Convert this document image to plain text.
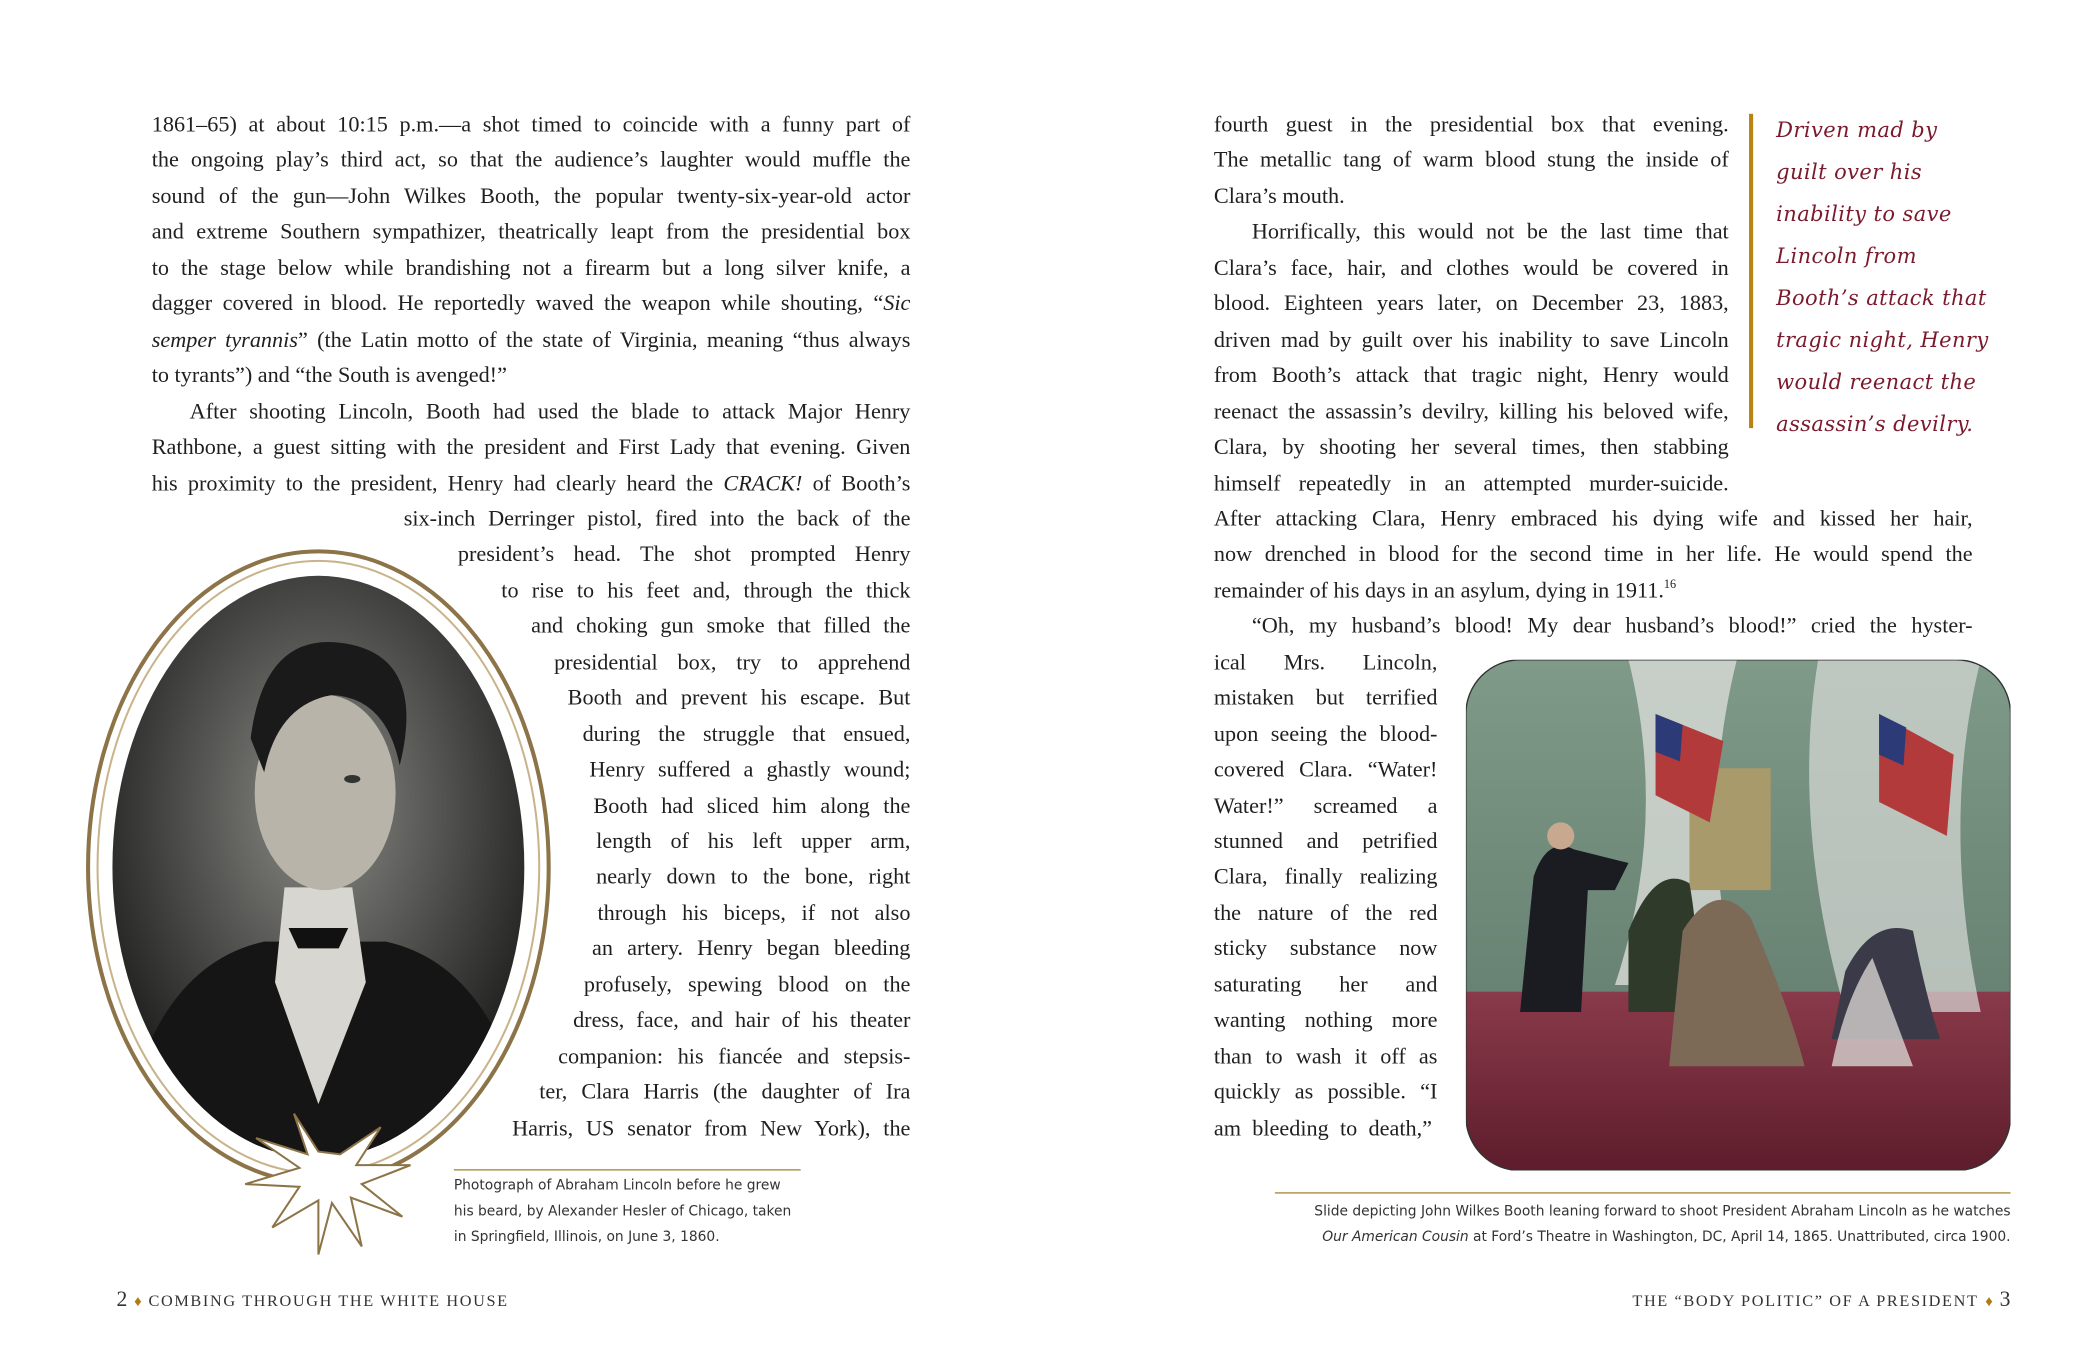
1861–65) at about 10:15 p.m.—a shot timed to coincide with a funny part of
the ongoing play’s third act, so that the audience’s laughter would muffle the
sound of the gun—John Wilkes Booth, the popular twenty-six-year-old actor
and extreme Southern sympathizer, theatrically leapt from the presidential box
to the stage below while brandishing not a firearm but a long silver knife, a
dagger covered in blood. He reportedly waved the weapon while shouting, “Sic
semper tyrannis” (the Latin motto of the state of Virginia, meaning “thus always
to tyrants”) and “the South is avenged!”
After shooting Lincoln, Booth had used the blade to attack Major Henry
Rathbone, a guest sitting with the president and First Lady that evening. Given
his proximity to the president, Henry had clearly heard the CRACK! of Booth’s
six-inch Derringer pistol, fired into the back of the
president’s head. The shot prompted Henry
to rise to his feet and, through the thick
and choking gun smoke that filled the
presidential box, try to apprehend
Booth and prevent his escape. But
during the struggle that ensued,
Henry suffered a ghastly wound;
Booth had sliced him along the
length of his left upper arm,
nearly down to the bone, right
through his biceps, if not also
an artery. Henry began bleeding
profusely, spewing blood on the
dress, face, and hair of his theater
companion: his fiancée and stepsis-
ter, Clara Harris (the daughter of Ira
Harris, US senator from New York), the
fourth guest in the presidential box that evening.
The metallic tang of warm blood stung the inside of
Clara’s mouth.
Horrifically, this would not be the last time that
Clara’s face, hair, and clothes would be covered in
blood. Eighteen years later, on December 23, 1883,
driven mad by guilt over his inability to save Lincoln
from Booth’s attack that tragic night, Henry would
reenact the assassin’s devilry, killing his beloved wife,
Clara, by shooting her several times, then stabbing
himself repeatedly in an attempted murder-suicide.
After attacking Clara, Henry embraced his dying wife and kissed her hair,
now drenched in blood for the second time in her life. He would spend the
remainder of his days in an asylum, dying in 1911.16
“Oh, my husband’s blood! My dear husband’s blood!” cried the hyster-
ical Mrs. Lincoln,
mistaken but terrified
upon seeing the blood-
covered Clara. “Water!
Water!” screamed a
stunned and petrified
Clara, finally realizing
the nature of the red
sticky substance now
saturating her and
wanting nothing more
than to wash it off as
quickly as possible. “I
am bleeding to death,”
Photograph of Abraham Lincoln before he grew
his beard, by Alexander Hesler of Chicago, taken
in Springfield, Illinois, on June 3, 1860.
Driven mad by
guilt over his
inability to save
Lincoln from
Booth’s attack that
tragic night, Henry
would reenact the
assassin’s devilry.
Slide depicting John Wilkes Booth leaning forward to shoot President Abraham Lincoln as he watches
Our American Cousin at Ford’s Theatre in Washington, DC, April 14, 1865. Unattributed, circa 1900.
2 ♦ COMBING THROUGH THE WHITE HOUSE	THE “BODY POLITIC” OF A PRESIDENT ♦ 3
